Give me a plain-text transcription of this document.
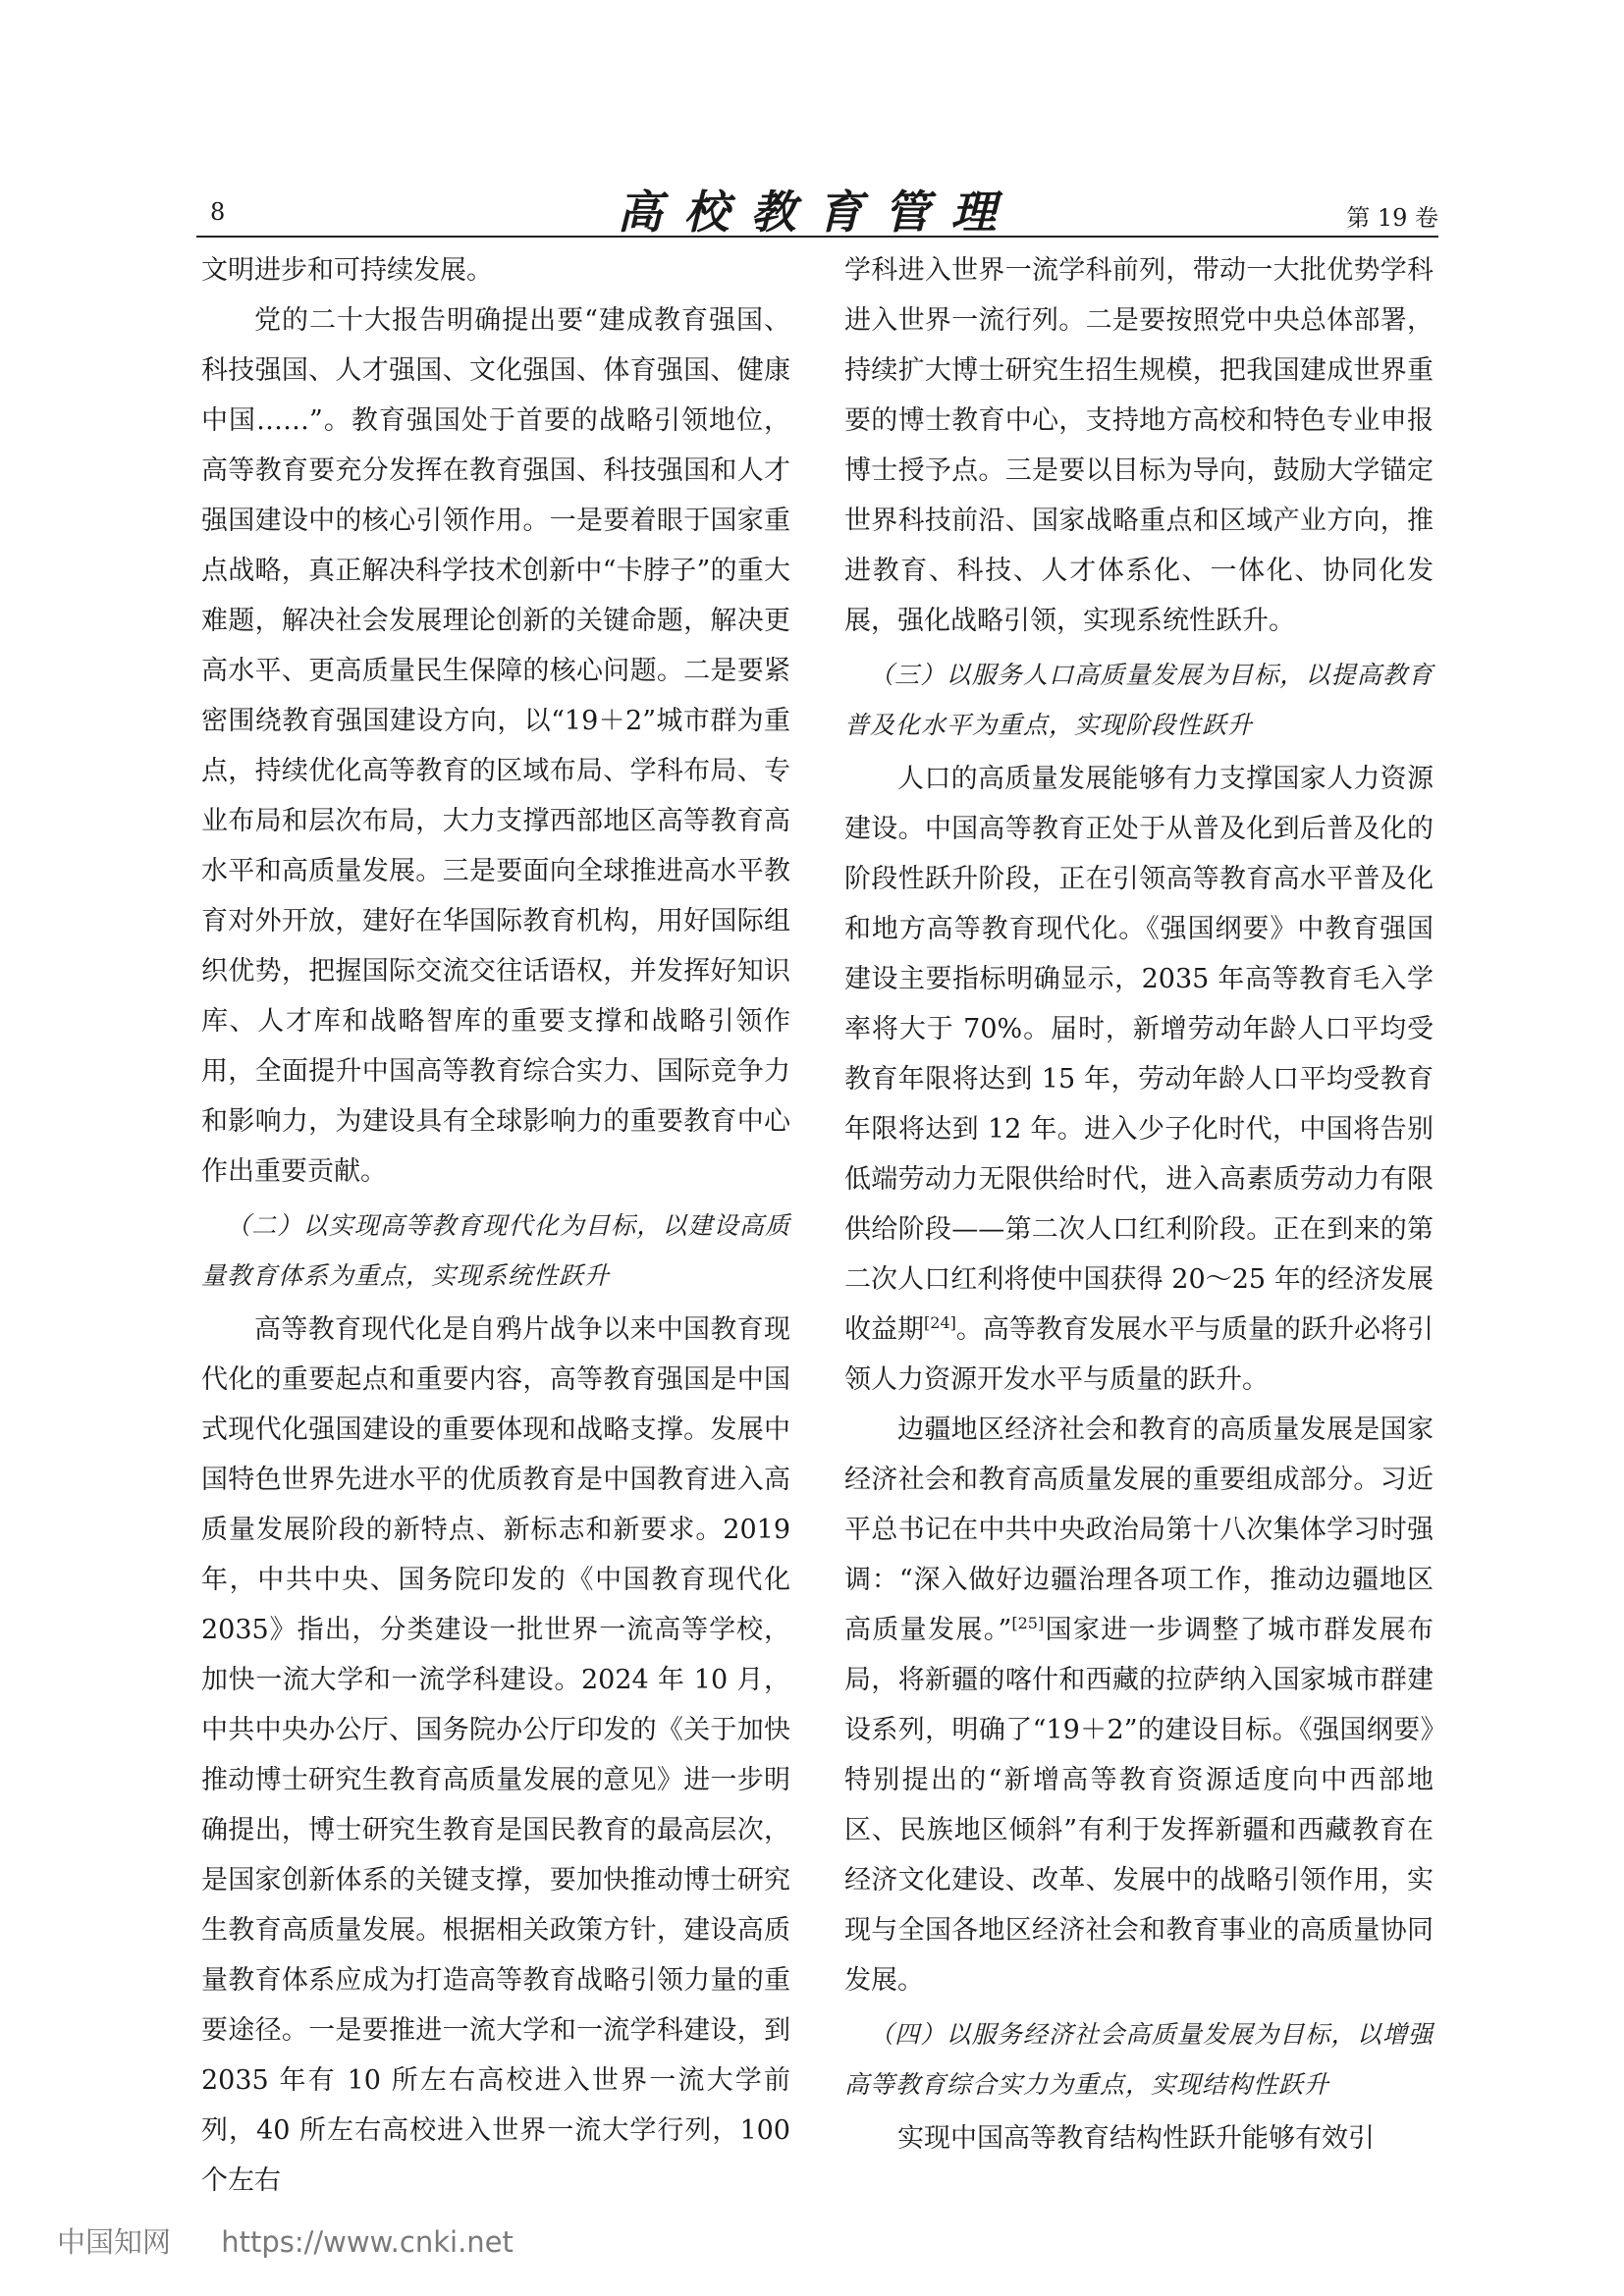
8	高校教育管理	第 19 卷

文明进步和可持续发展。

党的二十大报告明确提出要“建成教育强国、科技强国、人才强国、文化强国、体育强国、健康中国……”。教育强国处于首要的战略引领地位，高等教育要充分发挥在教育强国、科技强国和人才强国建设中的核心引领作用。一是要着眼于国家重点战略，真正解决科学技术创新中“卡脖子”的重大难题，解决社会发展理论创新的关键命题，解决更高水平、更高质量民生保障的核心问题。二是要紧密围绕教育强国建设方向，以“19＋2”城市群为重点，持续优化高等教育的区域布局、学科布局、专业布局和层次布局，大力支撑西部地区高等教育高水平和高质量发展。三是要面向全球推进高水平教育对外开放，建好在华国际教育机构，用好国际组织优势，把握国际交流交往话语权，并发挥好知识库、人才库和战略智库的重要支撑和战略引领作用，全面提升中国高等教育综合实力、国际竞争力和影响力，为建设具有全球影响力的重要教育中心作出重要贡献。

（二）以实现高等教育现代化为目标，以建设高质量教育体系为重点，实现系统性跃升

高等教育现代化是自鸦片战争以来中国教育现代化的重要起点和重要内容，高等教育强国是中国式现代化强国建设的重要体现和战略支撑。发展中国特色世界先进水平的优质教育是中国教育进入高质量发展阶段的新特点、新标志和新要求。2019 年，中共中央、国务院印发的《中国教育现代化 2035》指出，分类建设一批世界一流高等学校，加快一流大学和一流学科建设。2024 年 10 月，中共中央办公厅、国务院办公厅印发的《关于加快推动博士研究生教育高质量发展的意见》进一步明确提出，博士研究生教育是国民教育的最高层次，是国家创新体系的关键支撑，要加快推动博士研究生教育高质量发展。根据相关政策方针，建设高质量教育体系应成为打造高等教育战略引领力量的重要途径。一是要推进一流大学和一流学科建设，到 2035 年有 10 所左右高校进入世界一流大学前列，40 所左右高校进入世界一流大学行列，100 个左右

学科进入世界一流学科前列，带动一大批优势学科进入世界一流行列。二是要按照党中央总体部署，持续扩大博士研究生招生规模，把我国建成世界重要的博士教育中心，支持地方高校和特色专业申报博士授予点。三是要以目标为导向，鼓励大学锚定世界科技前沿、国家战略重点和区域产业方向，推进教育、科技、人才体系化、一体化、协同化发展，强化战略引领，实现系统性跃升。

（三）以服务人口高质量发展为目标，以提高教育普及化水平为重点，实现阶段性跃升

人口的高质量发展能够有力支撑国家人力资源建设。中国高等教育正处于从普及化到后普及化的阶段性跃升阶段，正在引领高等教育高水平普及化和地方高等教育现代化。《强国纲要》中教育强国建设主要指标明确显示，2035 年高等教育毛入学率将大于 70%。届时，新增劳动年龄人口平均受教育年限将达到 15 年，劳动年龄人口平均受教育年限将达到 12 年。进入少子化时代，中国将告别低端劳动力无限供给时代，进入高素质劳动力有限供给阶段——第二次人口红利阶段。正在到来的第二次人口红利将使中国获得 20～25 年的经济发展收益期[24]。高等教育发展水平与质量的跃升必将引领人力资源开发水平与质量的跃升。

边疆地区经济社会和教育的高质量发展是国家经济社会和教育高质量发展的重要组成部分。习近平总书记在中共中央政治局第十八次集体学习时强调：“深入做好边疆治理各项工作，推动边疆地区高质量发展。”[25]国家进一步调整了城市群发展布局，将新疆的喀什和西藏的拉萨纳入国家城市群建设系列，明确了“19＋2”的建设目标。《强国纲要》特别提出的“新增高等教育资源适度向中西部地区、民族地区倾斜”有利于发挥新疆和西藏教育在经济文化建设、改革、发展中的战略引领作用，实现与全国各地区经济社会和教育事业的高质量协同发展。

（四）以服务经济社会高质量发展为目标，以增强高等教育综合实力为重点，实现结构性跃升

实现中国高等教育结构性跃升能够有效引

中国知网 https://www.cnki.net
